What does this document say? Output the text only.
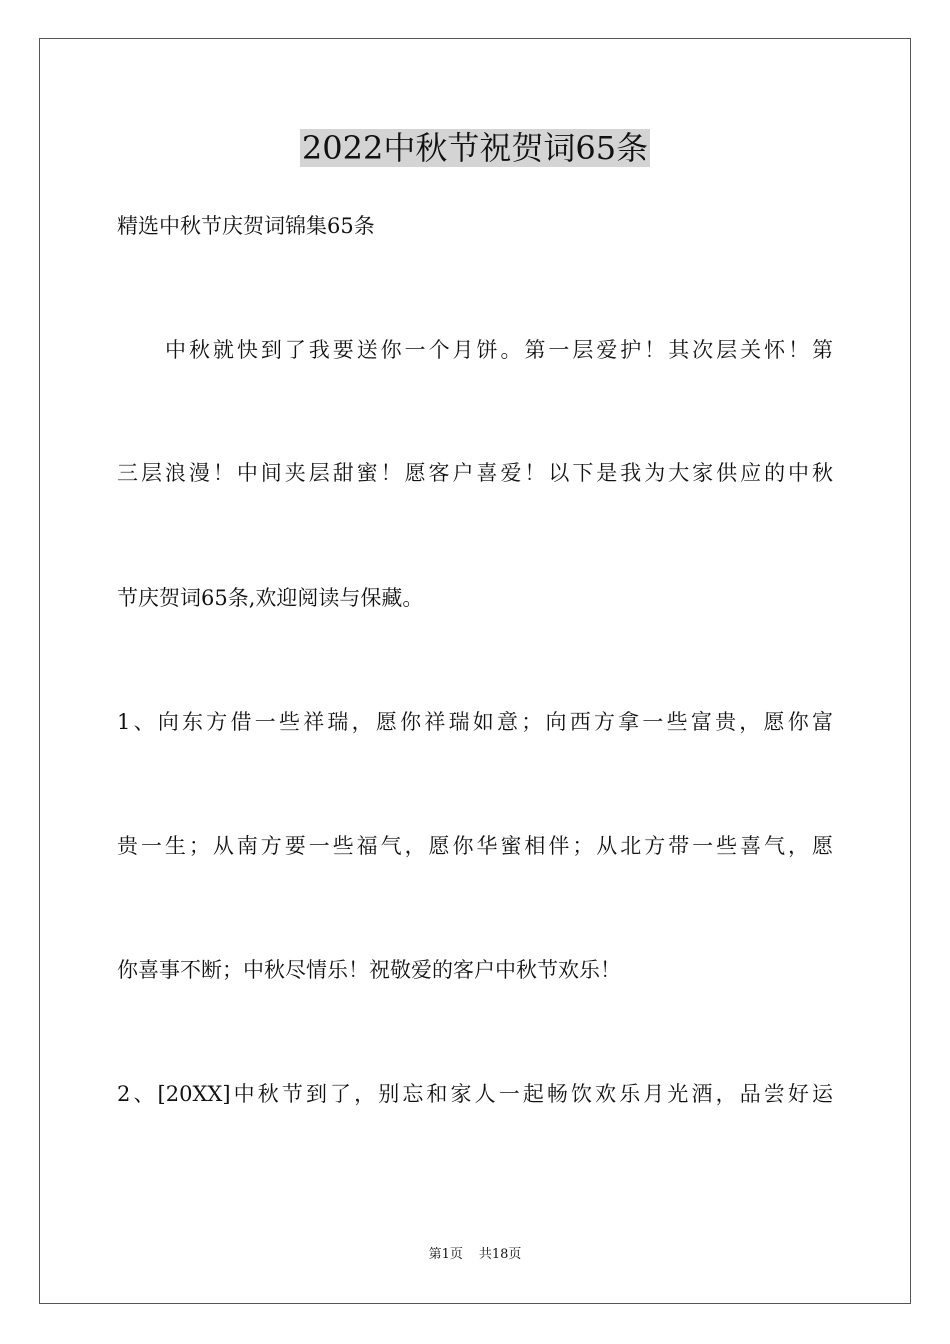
2022中秋节祝贺词65条
精选中秋节庆贺词锦集65条
中秋就快到了我要送你一个月饼。第一层爱护！其次层关怀！第
三层浪漫！中间夹层甜蜜！愿客户喜爱！以下是我为大家供应的中秋
节庆贺词65条,欢迎阅读与保藏。
1、向东方借一些祥瑞，愿你祥瑞如意；向西方拿一些富贵，愿你富
贵一生；从南方要一些福气，愿你华蜜相伴；从北方带一些喜气，愿
你喜事不断；中秋尽情乐！祝敬爱的客户中秋节欢乐！
2、[20XX]中秋节到了，别忘和家人一起畅饮欢乐月光酒，品尝好运
第1页 共18页
